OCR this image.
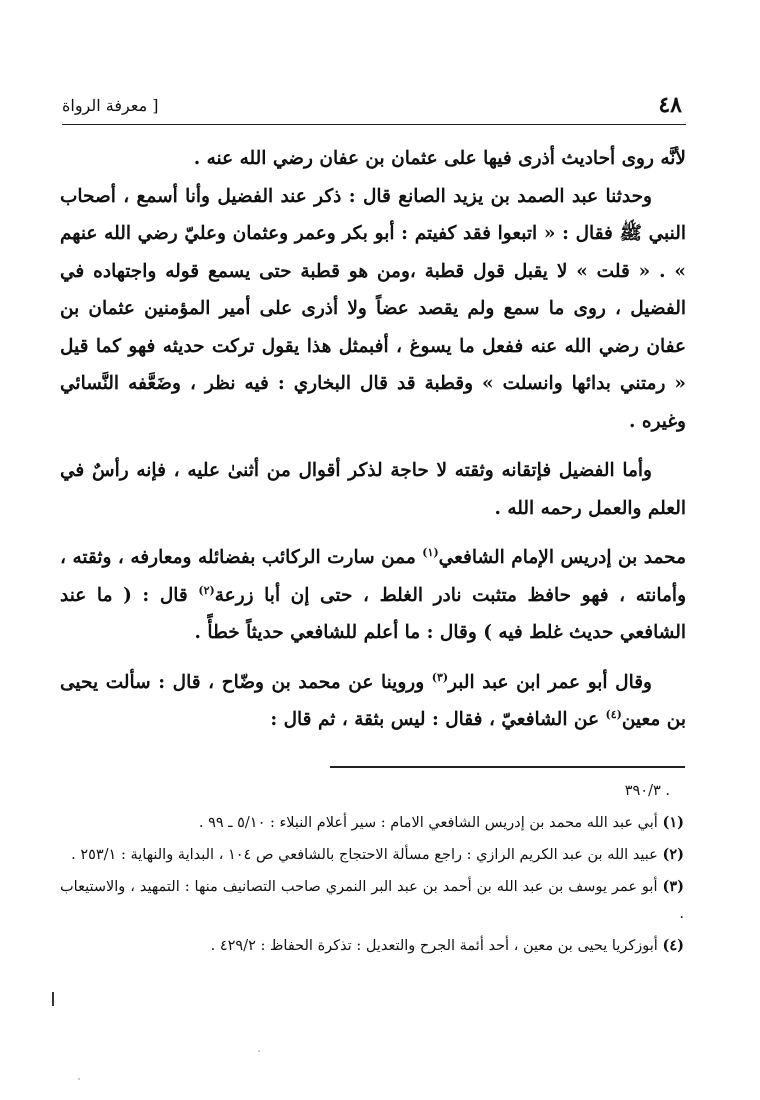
٤٨
[ معرفة الرواة

لأنَّه روى أحاديث أذرى فيها على عثمان بن عفان رضي الله عنه .

وحدثنا عبد الصمد بن يزيد الصانع قال : ذكر عند الفضيل وأنا أسمع ، أصحاب النبي ﷺ فقال : « اتبعوا فقد كفيتم : أبو بكر وعمر وعثمان وعليّ رضي الله عنهم » . « قلت » لا يقبل قول قطبة ،ومن هو قطبة حتى يسمع قوله واجتهاده في الفضيل ، روى ما سمع ولم يقصد عضاً ولا أذرى على أمير المؤمنين عثمان بن عفان رضي الله عنه ففعل ما يسوغ ، أفبمثل هذا يقول تركت حديثه فهو كما قيل « رمتني بدائها وانسلت » وقطبة قد قال البخاري : فيه نظر ، وضَعَّفه النَّسائي وغيره .

وأما الفضيل فإتقانه وثقته لا حاجة لذكر أقوال من أثنىٰ عليه ، فإنه رأسٌ في العلم والعمل رحمه الله .

محمد بن إدريس الإمام الشافعي$^{(١)}$ ممن سارت الركائب بفضائله ومعارفه ، وثقته ، وأمانته ، فهو حافظ متثبت نادر الغلط ، حتى إن أبا زرعة$^{(٢)}$ قال : ( ما عند الشافعي حديث غلط فيه ) وقال : ما أعلم للشافعي حديثاً خطأً .

وقال أبو عمر ابن عبد البر$^{(٣)}$ وروينا عن محمد بن وضّاح ، قال : سألت يحيى بن معين$^{(٤)}$ عن الشافعيّ ، فقال : ليس بثقة ، ثم قال :

. ٣٩٠/٣

(١) أبي عبد الله محمد بن إدريس الشافعي الامام : سير أعلام النبلاء : ٥/١٠ ـ ٩٩ .

(٢) عبيد الله بن عبد الكريم الرازي : راجع مسألة الاحتجاج بالشافعي ص ١٠٤ ، البداية والنهاية : ٢٥٣/١ .

(٣) أبو عمر يوسف بن عبد الله بن أحمد بن عبد البر النمري صاحب التصانيف منها : التمهيد ، والاستيعاب .

(٤) أبوزكريا يحيى بن معين ، أحد أئمة الجرح والتعديل : تذكرة الحفاظ : ٤٢٩/٢ .
